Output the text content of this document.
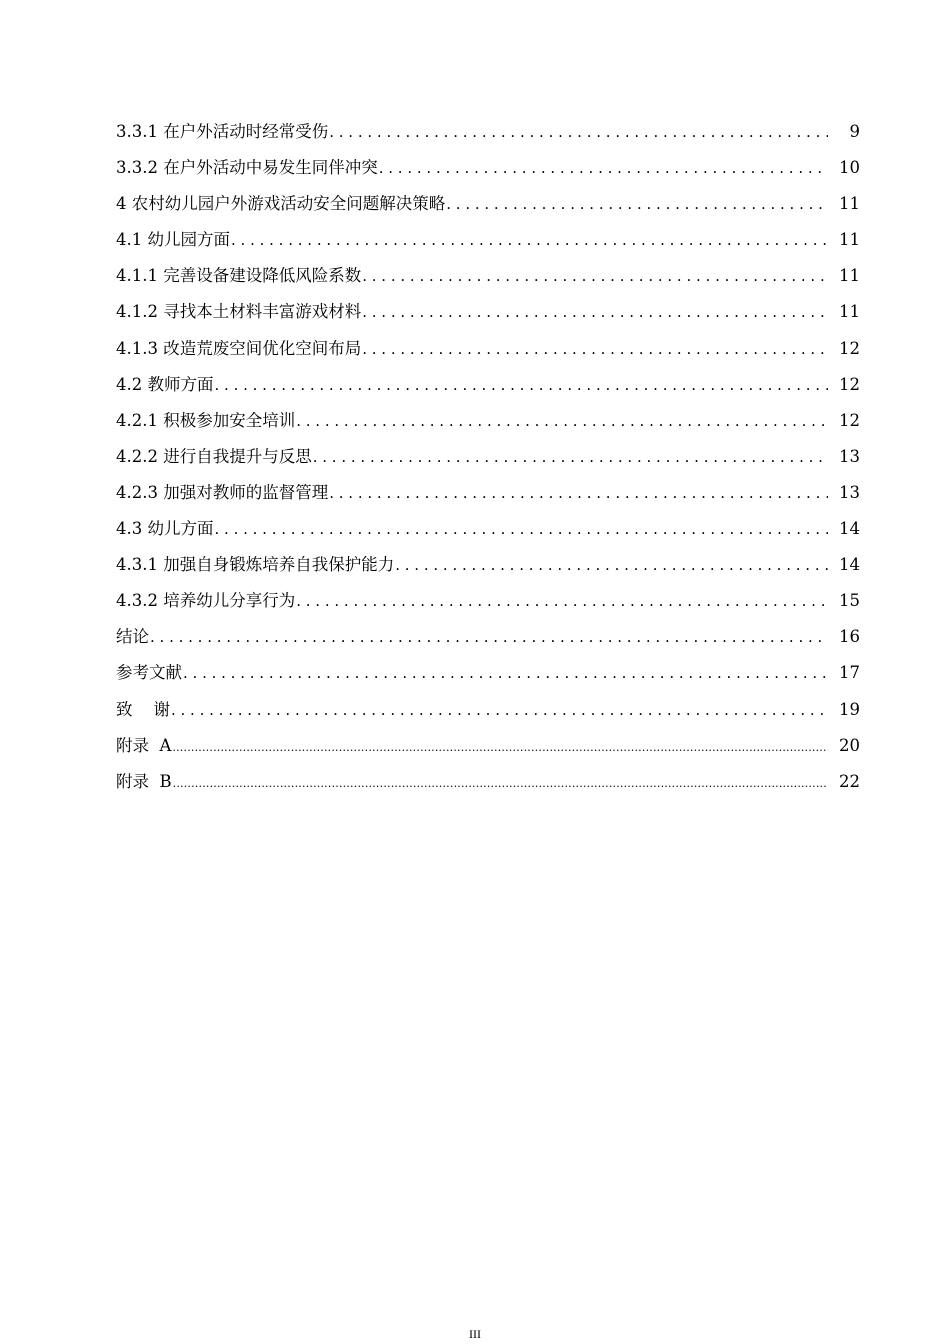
3.3.1 在户外活动时经常受伤 . . .	9
3.3.2 在户外活动中易发生同伴冲突 . . .	10
4 农村幼儿园户外游戏活动安全问题解决策略 . . .	11
4.1 幼儿园方面 . . .	11
4.1.1 完善设备建设降低风险系数 . . .	11
4.1.2 寻找本土材料丰富游戏材料 . . .	11
4.1.3 改造荒废空间优化空间布局 . . .	12
4.2 教师方面 . . .	12
4.2.1 积极参加安全培训 . . .	12
4.2.2 进行自我提升与反思 . . .	13
4.2.3 加强对教师的监督管理 . . .	13
4.3 幼儿方面 . . .	14
4.3.1 加强自身锻炼培养自我保护能力 . . .	14
4.3.2 培养幼儿分享行为 . . .	15
结论 . . .	16
参考文献 . . .	17
致    谢 . . .	19
附录  A .....	20
附录  B .....	22
III
